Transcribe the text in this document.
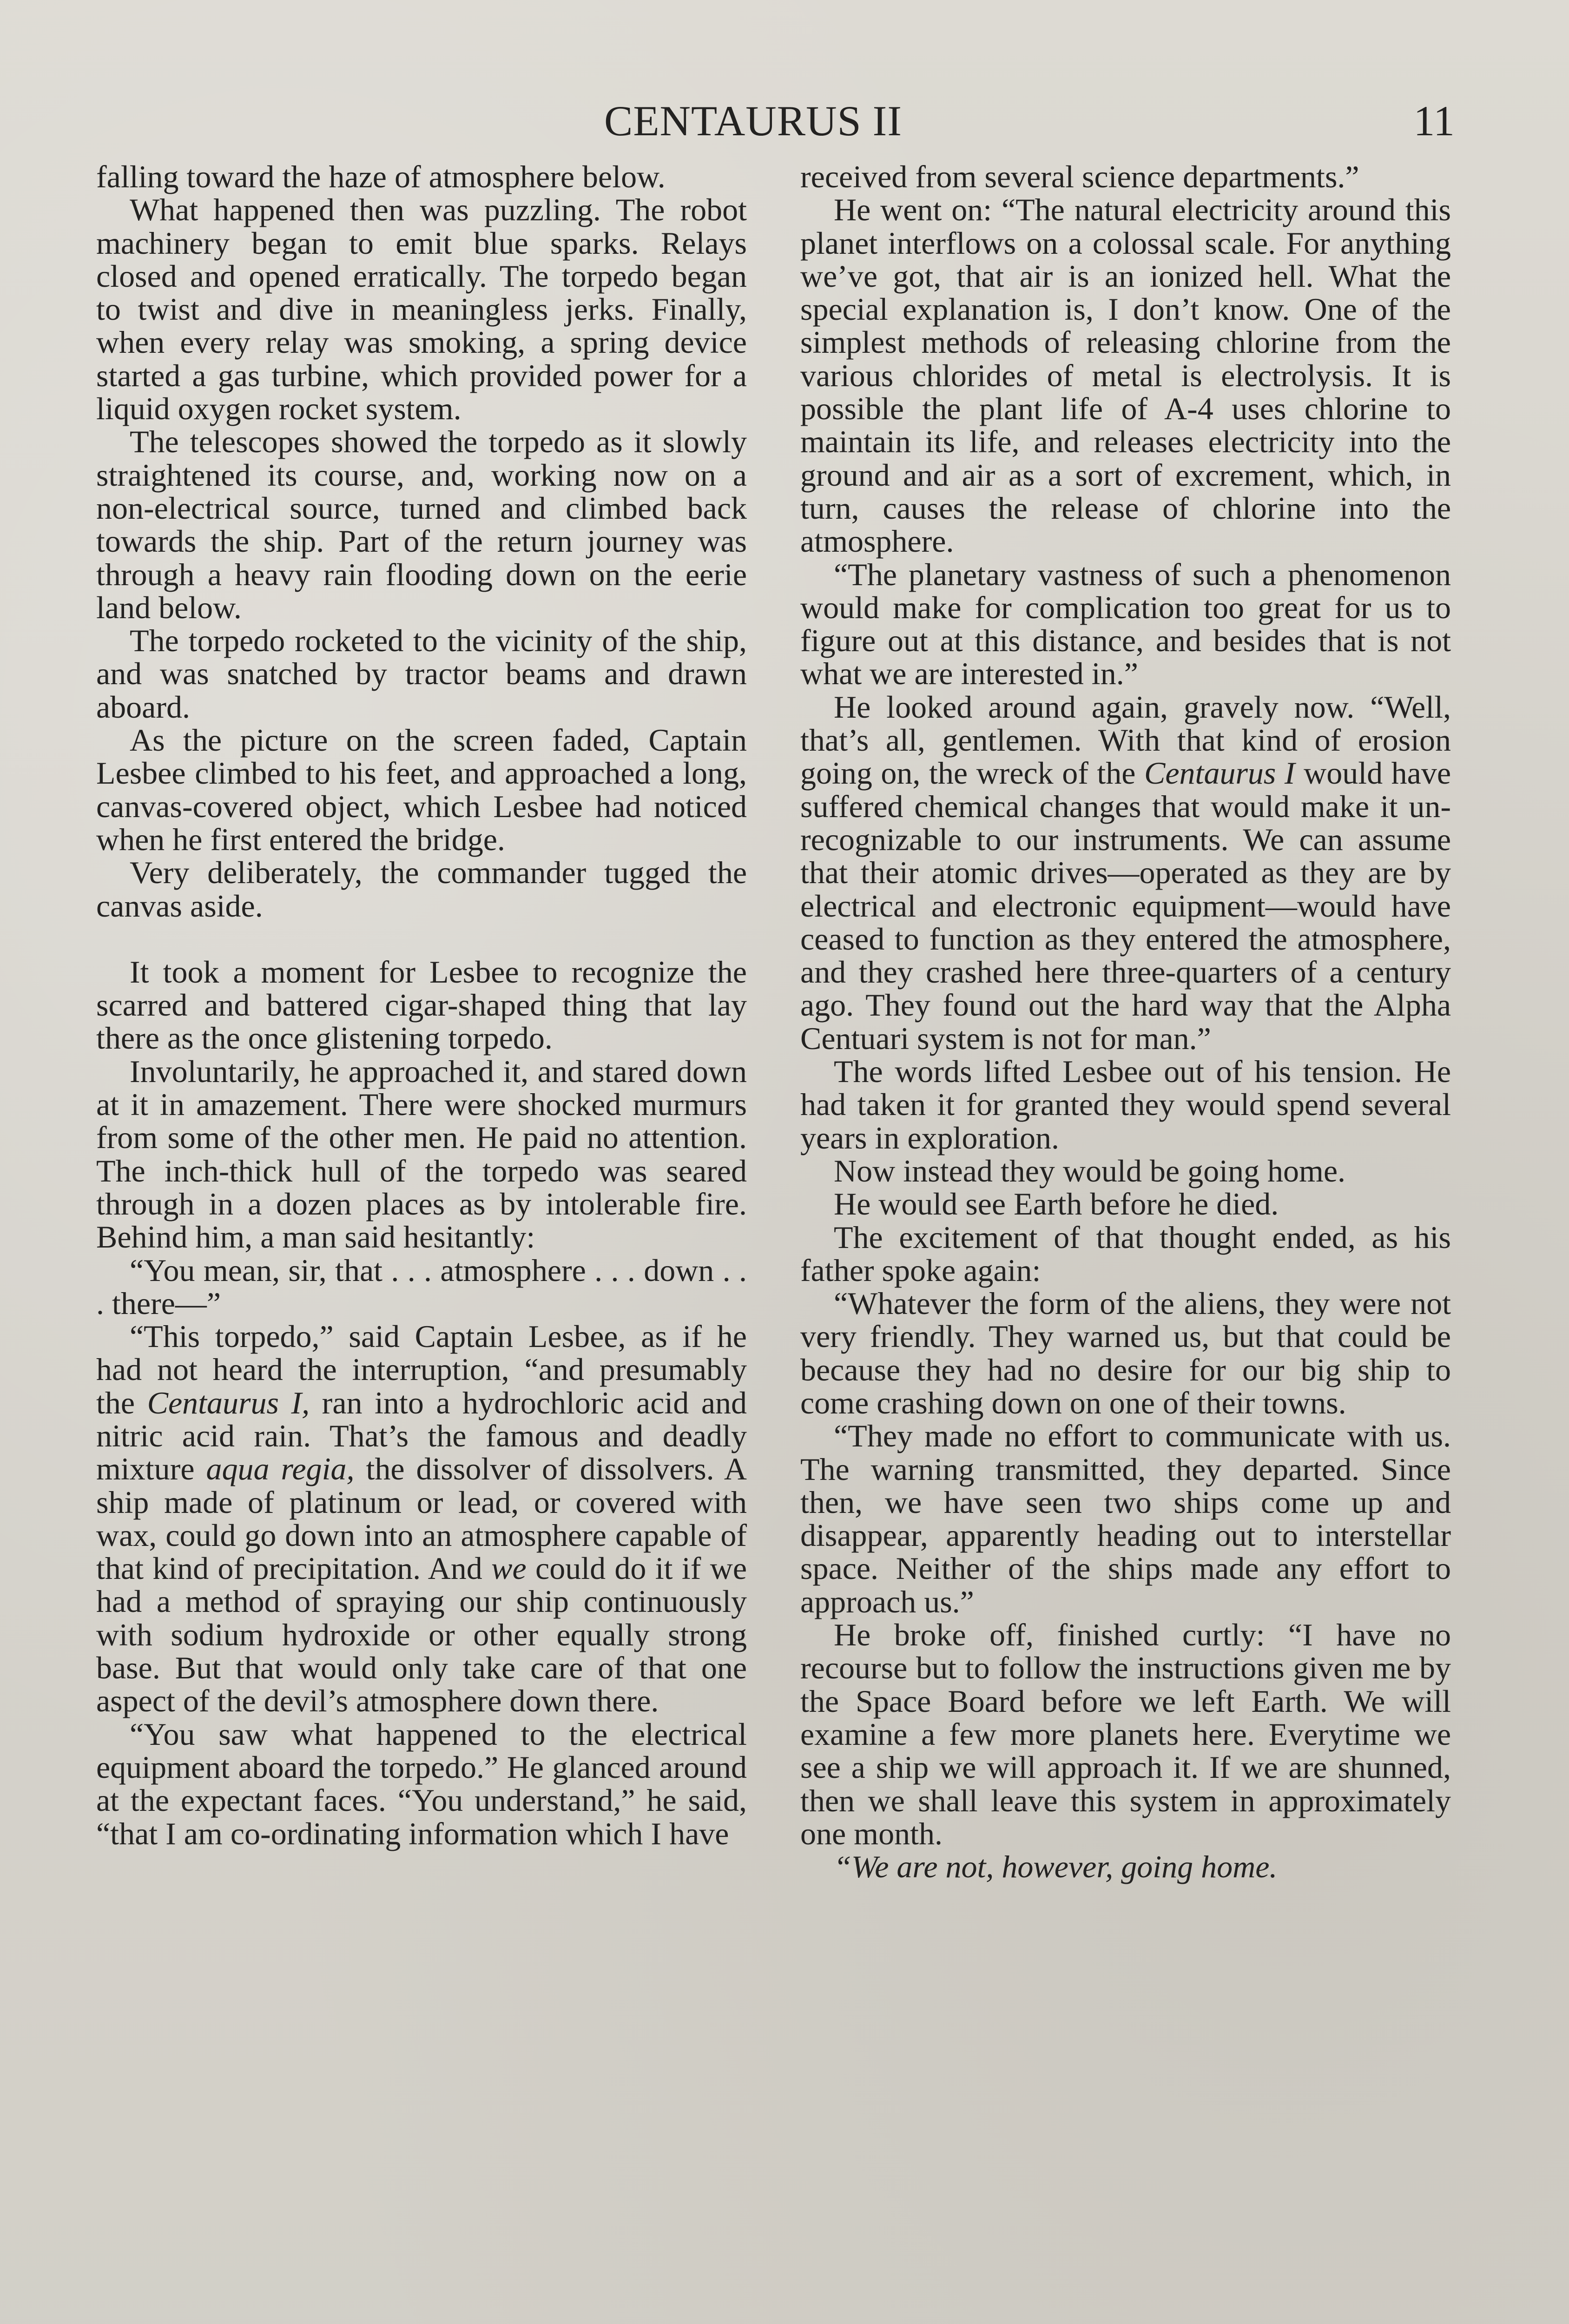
CENTAURUS II	11

falling toward the haze of atmosphere below.

What happened then was puzzling. The robot machinery began to emit blue sparks. Relays closed and opened erratically. The torpedo began to twist and dive in meaningless jerks. Finally, when every relay was smoking, a spring device started a gas turbine, which provided power for a liquid oxygen rocket system.

The telescopes showed the torpedo as it slowly straightened its course, and, working now on a non-electrical source, turned and climbed back towards the ship. Part of the return journey was through a heavy rain flooding down on the eerie land below.

The torpedo rocketed to the vicinity of the ship, and was snatched by tractor beams and drawn aboard.

As the picture on the screen faded, Captain Lesbee climbed to his feet, and approached a long, canvas-covered object, which Lesbee had noticed when he first entered the bridge.

Very deliberately, the commander tugged the canvas aside.

It took a moment for Lesbee to recognize the scarred and battered cigar-shaped thing that lay there as the once glistening torpedo.

Involuntarily, he approached it, and stared down at it in amazement. There were shocked murmurs from some of the other men. He paid no attention. The inch-thick hull of the torpedo was seared through in a dozen places as by intolerable fire. Behind him, a man said hesitantly:

“You mean, sir, that . . . atmosphere . . . down . . . there—”

“This torpedo,” said Captain Lesbee, as if he had not heard the interruption, “and presumably the Centaurus I, ran into a hydrochloric acid and nitric acid rain. That’s the famous and deadly mixture aqua regia, the dissolver of dissolvers. A ship made of platinum or lead, or covered with wax, could go down into an atmosphere capable of that kind of precipitation. And we could do it if we had a method of spraying our ship continuously with sodium hydroxide or other equally strong base. But that would only take care of that one aspect of the devil’s atmosphere down there.

“You saw what happened to the electrical equipment aboard the torpedo.” He glanced around at the expectant faces. “You understand,” he said, “that I am co-ordinating information which I have

received from several science departments.”

He went on: “The natural electricity around this planet interflows on a colossal scale. For anything we’ve got, that air is an ionized hell. What the special explanation is, I don’t know. One of the simplest methods of releasing chlorine from the various chlorides of metal is electrolysis. It is possible the plant life of A-4 uses chlorine to maintain its life, and releases electricity into the ground and air as a sort of excrement, which, in turn, causes the release of chlorine into the atmosphere.

“The planetary vastness of such a phenomenon would make for complication too great for us to figure out at this distance, and besides that is not what we are interested in.”

He looked around again, gravely now. “Well, that’s all, gentlemen. With that kind of erosion going on, the wreck of the Centaurus I would have suffered chemical changes that would make it unrecognizable to our instruments. We can assume that their atomic drives—operated as they are by electrical and electronic equipment—would have ceased to function as they entered the atmosphere, and they crashed here three-quarters of a century ago. They found out the hard way that the Alpha Centuari system is not for man.”

The words lifted Lesbee out of his tension. He had taken it for granted they would spend several years in exploration.

Now instead they would be going home.

He would see Earth before he died.

The excitement of that thought ended, as his father spoke again:

“Whatever the form of the aliens, they were not very friendly. They warned us, but that could be because they had no desire for our big ship to come crashing down on one of their towns.

“They made no effort to communicate with us. The warning transmitted, they departed. Since then, we have seen two ships come up and disappear, apparently heading out to interstellar space. Neither of the ships made any effort to approach us.”

He broke off, finished curtly: “I have no recourse but to follow the instructions given me by the Space Board before we left Earth. We will examine a few more planets here. Everytime we see a ship we will approach it. If we are shunned, then we shall leave this system in approximately one month.

“We are not, however, going home.
